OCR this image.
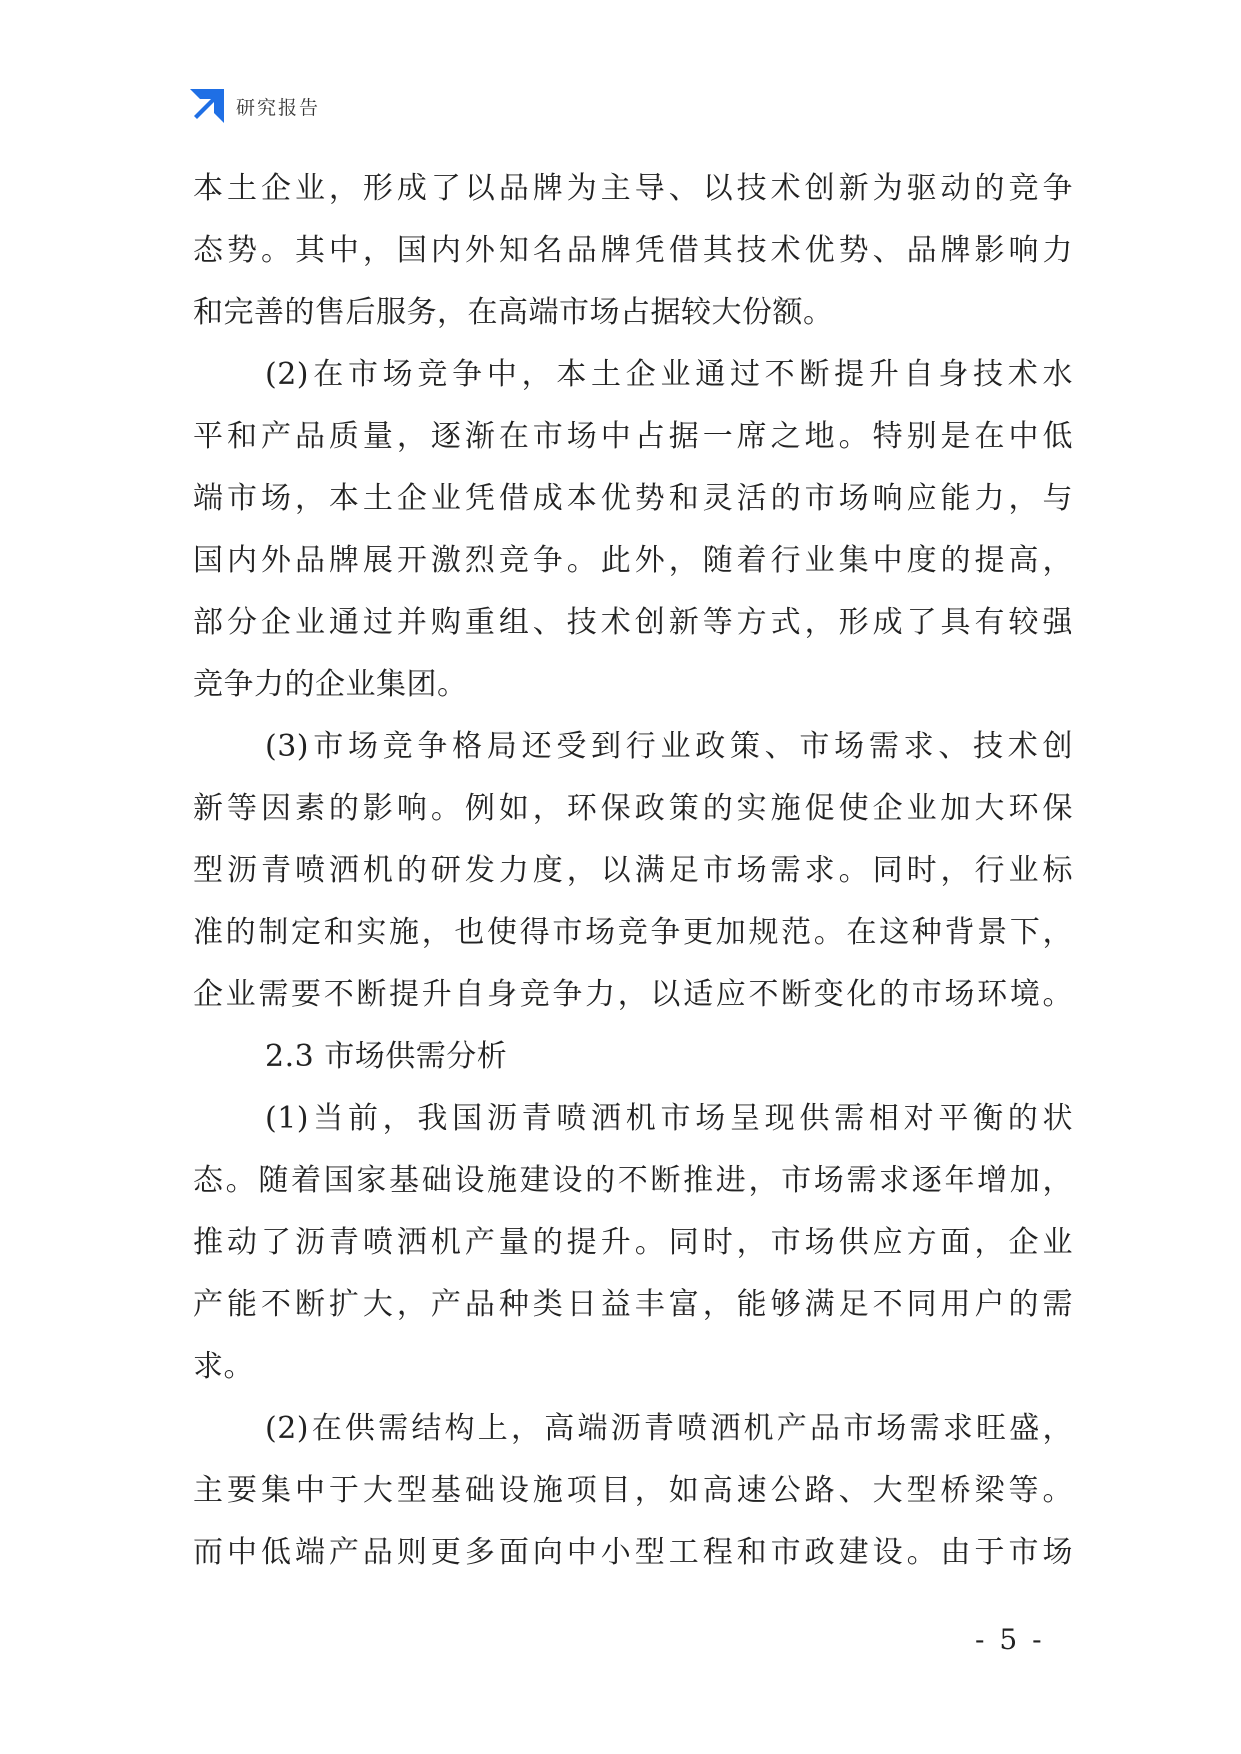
研究报告
本土企业，形成了以品牌为主导、以技术创新为驱动的竞争
态势。其中，国内外知名品牌凭借其技术优势、品牌影响力
和完善的售后服务，在高端市场占据较大份额。
(2)在市场竞争中，本土企业通过不断提升自身技术水
平和产品质量，逐渐在市场中占据一席之地。特别是在中低
端市场，本土企业凭借成本优势和灵活的市场响应能力，与
国内外品牌展开激烈竞争。此外，随着行业集中度的提高，
部分企业通过并购重组、技术创新等方式，形成了具有较强
竞争力的企业集团。
(3)市场竞争格局还受到行业政策、市场需求、技术创
新等因素的影响。例如，环保政策的实施促使企业加大环保
型沥青喷洒机的研发力度，以满足市场需求。同时，行业标
准的制定和实施，也使得市场竞争更加规范。在这种背景下，
企业需要不断提升自身竞争力，以适应不断变化的市场环境。
2.3 市场供需分析
(1)当前，我国沥青喷洒机市场呈现供需相对平衡的状
态。随着国家基础设施建设的不断推进，市场需求逐年增加，
推动了沥青喷洒机产量的提升。同时，市场供应方面，企业
产能不断扩大，产品种类日益丰富，能够满足不同用户的需
求。
(2)在供需结构上，高端沥青喷洒机产品市场需求旺盛，
主要集中于大型基础设施项目，如高速公路、大型桥梁等。
而中低端产品则更多面向中小型工程和市政建设。由于市场
- 5 -
